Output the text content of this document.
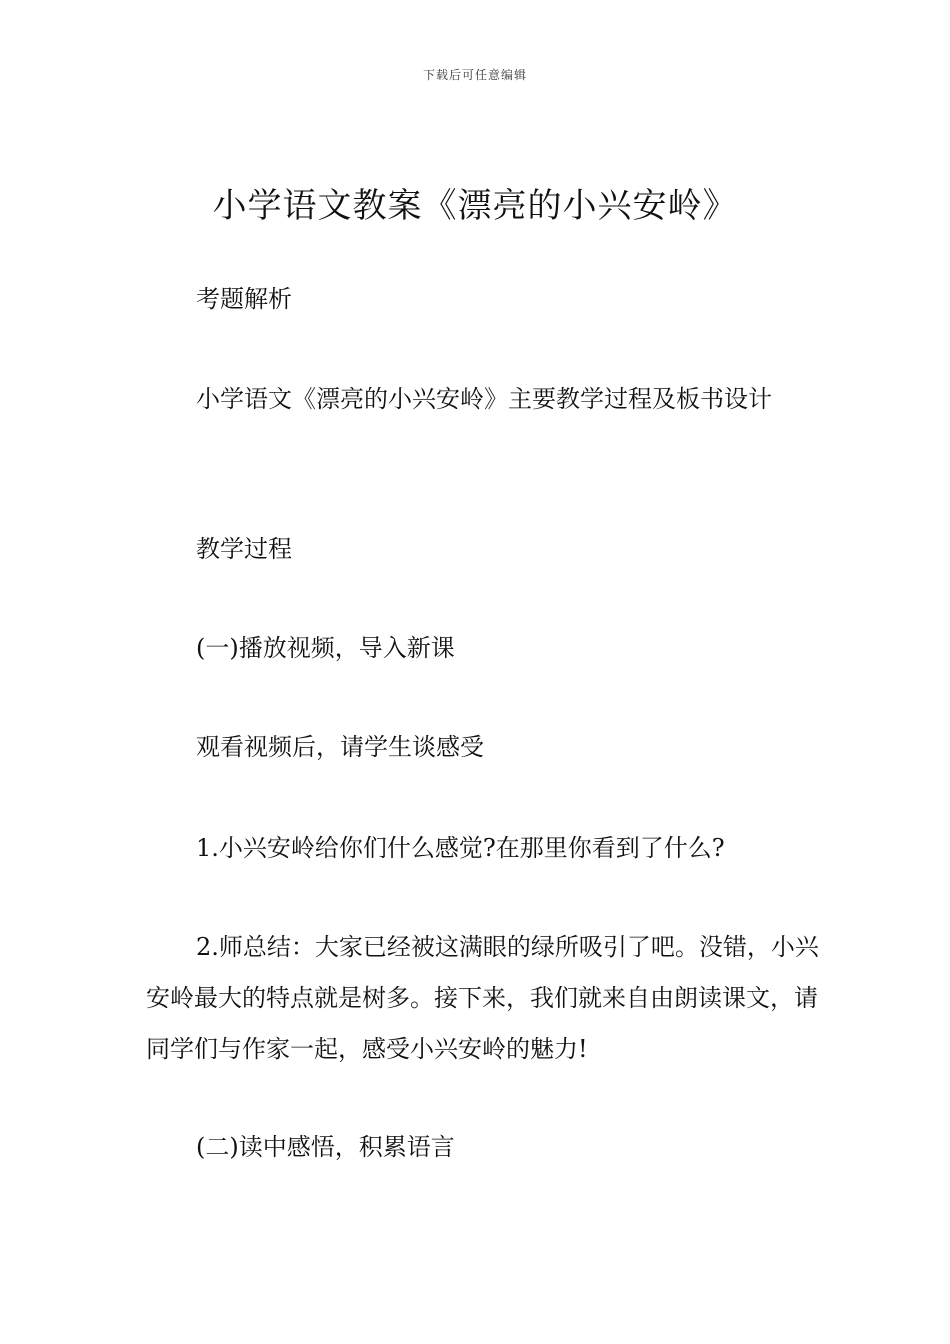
下载后可任意编辑
小学语文教案《漂亮的小兴安岭》

考题解析

小学语文《漂亮的小兴安岭》主要教学过程及板书设计

教学过程

(一)播放视频，导入新课

观看视频后，请学生谈感受

1.小兴安岭给你们什么感觉?在那里你看到了什么?

2.师总结：大家已经被这满眼的绿所吸引了吧。没错，小兴安岭最大的特点就是树多。接下来，我们就来自由朗读课文，请同学们与作家一起，感受小兴安岭的魅力!

(二)读中感悟，积累语言
